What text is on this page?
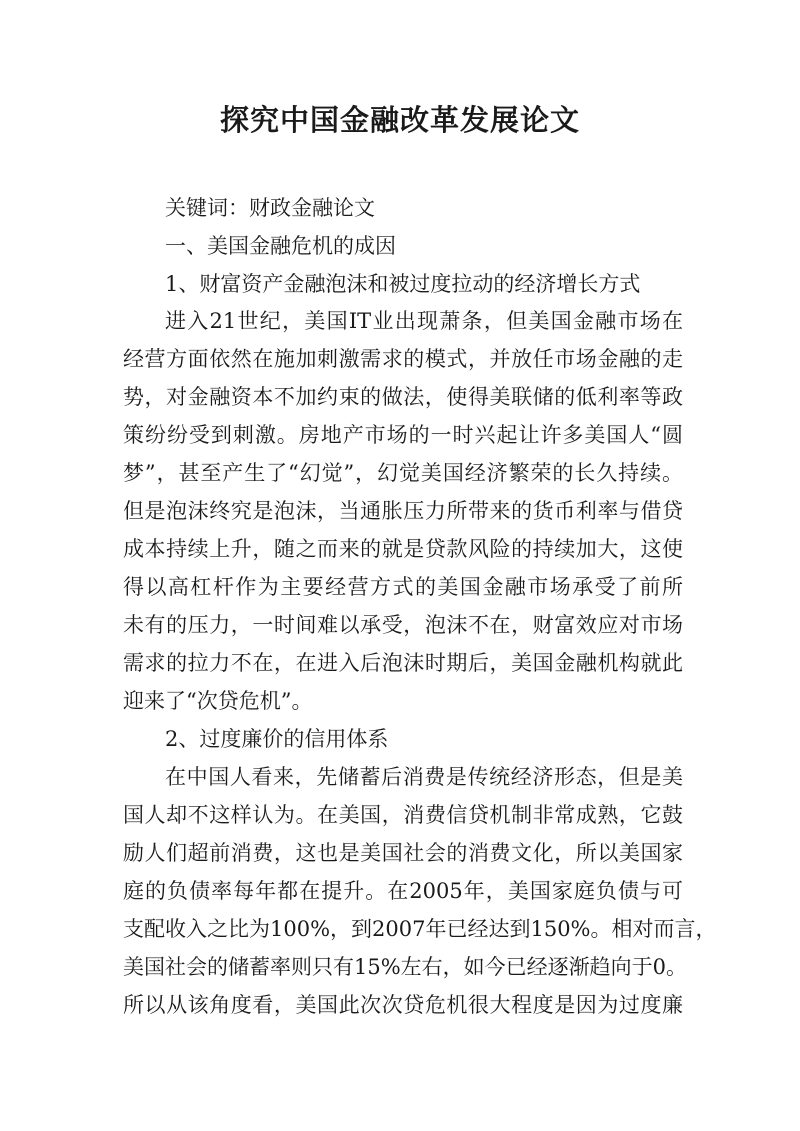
探究中国金融改革发展论文

关键词：财政金融论文

一、美国金融危机的成因

1、财富资产金融泡沫和被过度拉动的经济增长方式

进入21世纪，美国IT业出现萧条，但美国金融市场在

经营方面依然在施加刺激需求的模式，并放任市场金融的走

势，对金融资本不加约束的做法，使得美联储的低利率等政

策纷纷受到刺激。房地产市场的一时兴起让许多美国人“圆

梦”，甚至产生了“幻觉”，幻觉美国经济繁荣的长久持续。

但是泡沫终究是泡沫，当通胀压力所带来的货币利率与借贷

成本持续上升，随之而来的就是贷款风险的持续加大，这使

得以高杠杆作为主要经营方式的美国金融市场承受了前所

未有的压力，一时间难以承受，泡沫不在，财富效应对市场

需求的拉力不在，在进入后泡沫时期后，美国金融机构就此

迎来了“次贷危机”。

2、过度廉价的信用体系

在中国人看来，先储蓄后消费是传统经济形态，但是美

国人却不这样认为。在美国，消费信贷机制非常成熟，它鼓

励人们超前消费，这也是美国社会的消费文化，所以美国家

庭的负债率每年都在提升。在2005年，美国家庭负债与可

支配收入之比为100%，到2007年已经达到150%。相对而言，

美国社会的储蓄率则只有15%左右，如今已经逐渐趋向于0。

所以从该角度看，美国此次次贷危机很大程度是因为过度廉
